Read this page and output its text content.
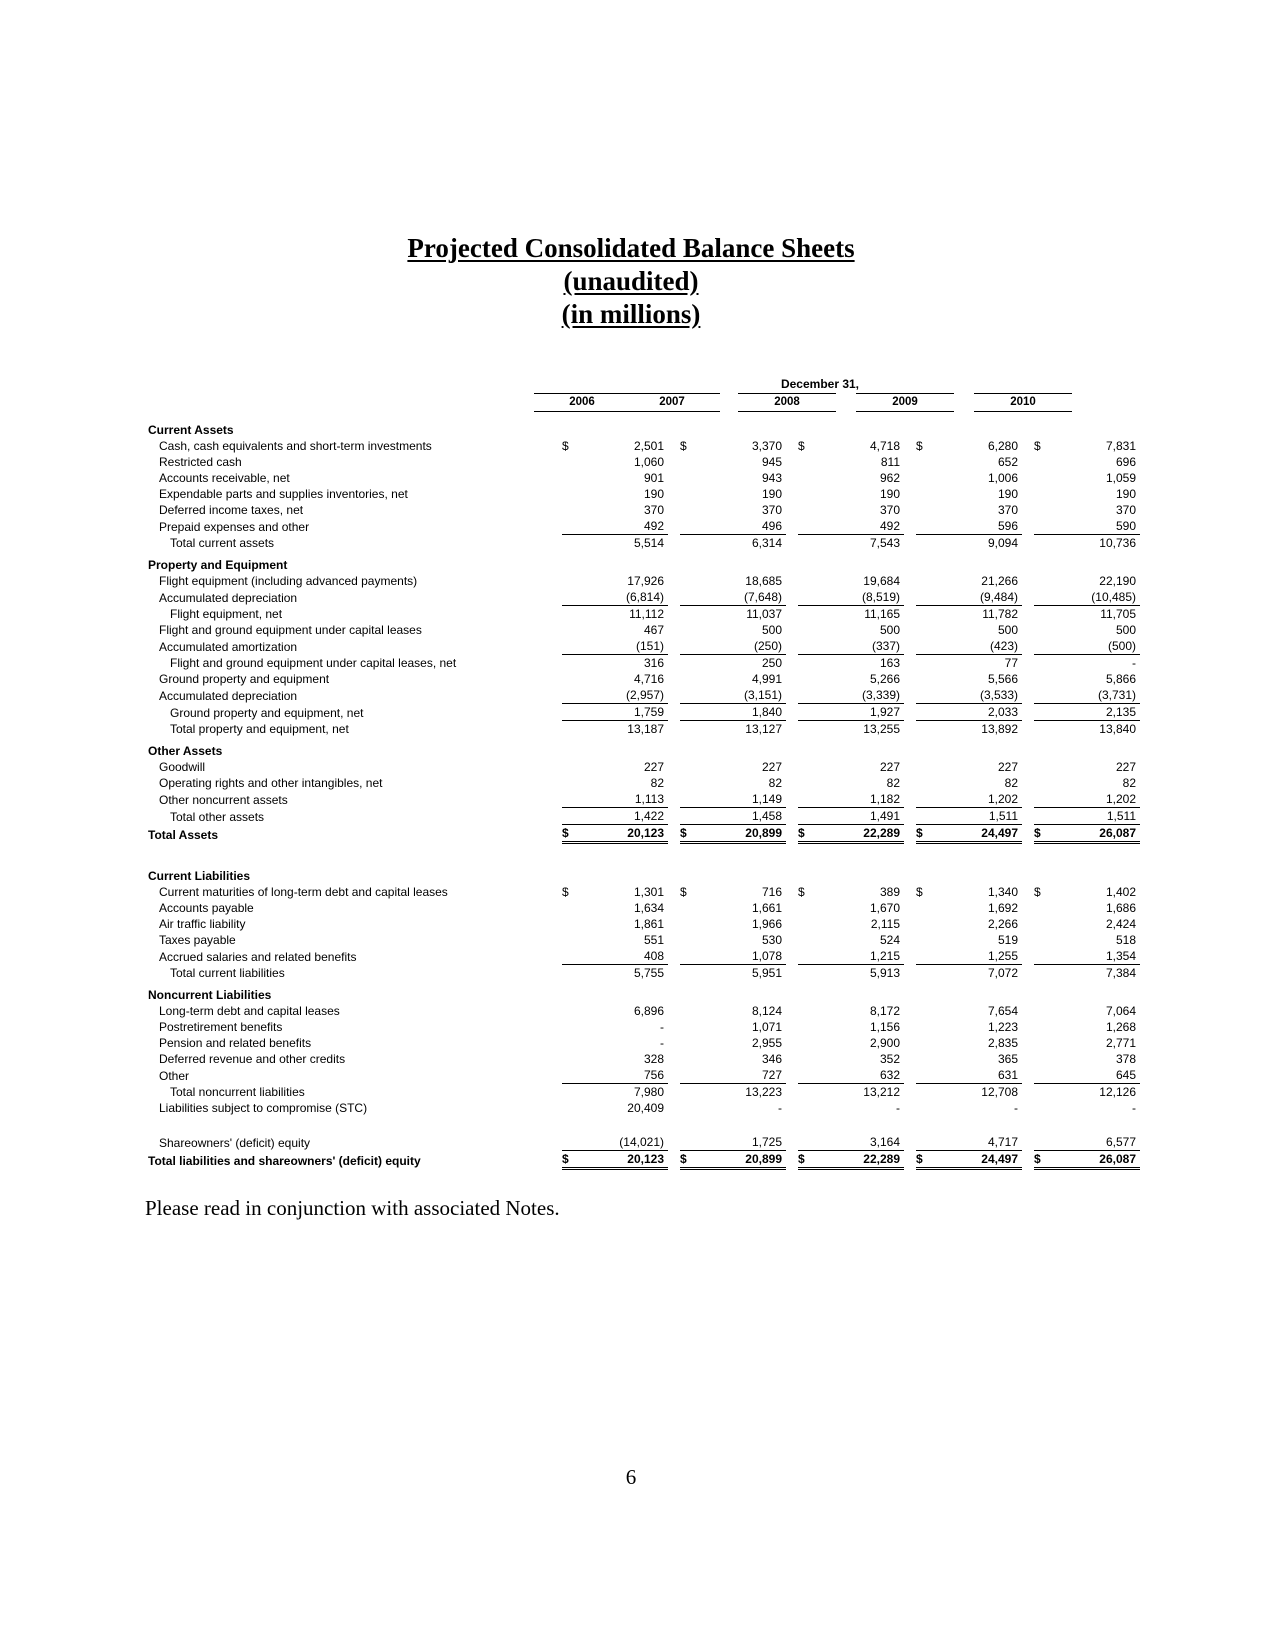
Projected Consolidated Balance Sheets
(unaudited)
(in millions)
December 31,
2006	2007	2008	2009	2010
Current Assets														
Cash, cash equivalents and short-term investments	$	2,501		$	3,370		$	4,718		$	6,280		$	7,831
Restricted cash		1,060			945			811			652			696
Accounts receivable, net		901			943			962			1,006			1,059
Expendable parts and supplies inventories, net		190			190			190			190			190
Deferred income taxes, net		370			370			370			370			370
Prepaid expenses and other		492			496			492			596			590
Total current assets		5,514			6,314			7,543			9,094			10,736
Property and Equipment														
Flight equipment (including advanced payments)		17,926			18,685			19,684			21,266			22,190
Accumulated depreciation		(6,814)			(7,648)			(8,519)			(9,484)			(10,485)
Flight equipment, net		11,112			11,037			11,165			11,782			11,705
Flight and ground equipment under capital leases		467			500			500			500			500
Accumulated amortization		(151)			(250)			(337)			(423)			(500)
Flight and ground equipment under capital leases, net		316			250			163			77			-
Ground property and equipment		4,716			4,991			5,266			5,566			5,866
Accumulated depreciation		(2,957)			(3,151)			(3,339)			(3,533)			(3,731)
Ground property and equipment, net		1,759			1,840			1,927			2,033			2,135
Total property and equipment, net		13,187			13,127			13,255			13,892			13,840
Other Assets														
Goodwill		227			227			227			227			227
Operating rights and other intangibles, net		82			82			82			82			82
Other noncurrent assets		1,113			1,149			1,182			1,202			1,202
Total other assets		1,422			1,458			1,491			1,511			1,511
Total Assets	$	20,123		$	20,899		$	22,289		$	24,497		$	26,087

Current Liabilities														
Current maturities of long-term debt and capital leases	$	1,301		$	716		$	389		$	1,340		$	1,402
Accounts payable		1,634			1,661			1,670			1,692			1,686
Air traffic liability		1,861			1,966			2,115			2,266			2,424
Taxes payable		551			530			524			519			518
Accrued salaries and related benefits		408			1,078			1,215			1,255			1,354
Total current liabilities		5,755			5,951			5,913			7,072			7,384
Noncurrent Liabilities														
Long-term debt and capital leases		6,896			8,124			8,172			7,654			7,064
Postretirement benefits		-			1,071			1,156			1,223			1,268
Pension and related benefits		-			2,955			2,900			2,835			2,771
Deferred revenue and other credits		328			346			352			365			378
Other		756			727			632			631			645
Total noncurrent liabilities		7,980			13,223			13,212			12,708			12,126
Liabilities subject to compromise (STC)		20,409			-			-			-			-

Shareowners' (deficit) equity		(14,021)			1,725			3,164			4,717			6,577
Total liabilities and shareowners' (deficit) equity	$	20,123		$	20,899		$	22,289		$	24,497		$	26,087
Please read in conjunction with associated Notes.
6
